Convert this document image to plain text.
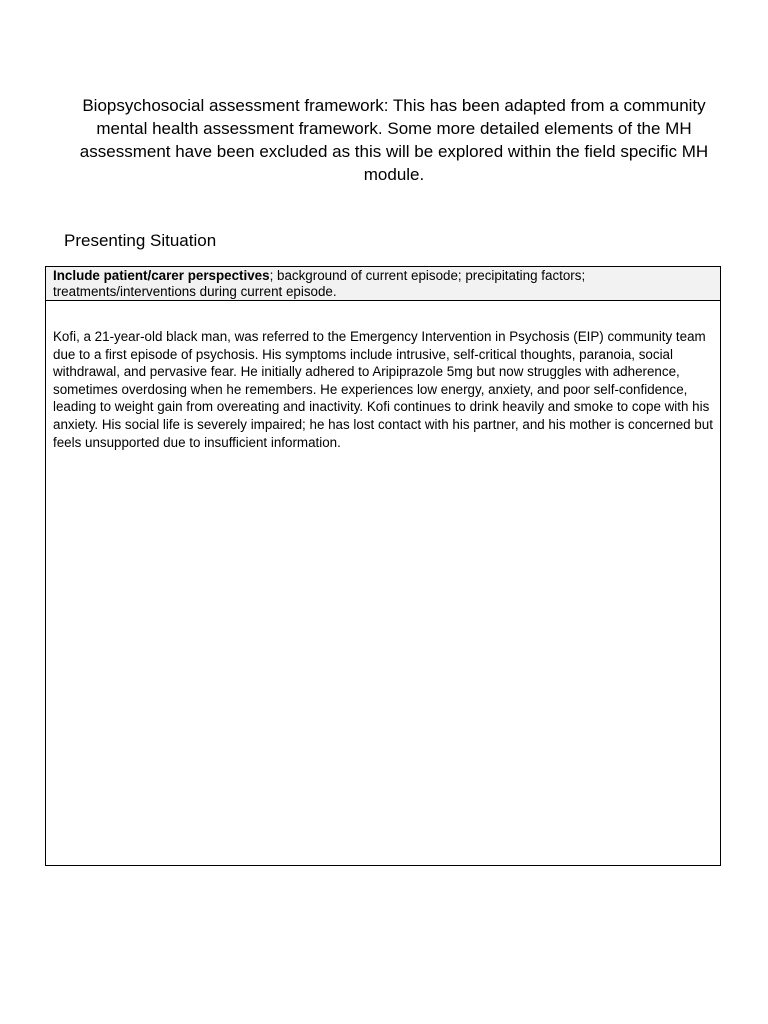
Biopsychosocial assessment framework: This has been adapted from a community mental health assessment framework. Some more detailed elements of the MH assessment have been excluded as this will be explored within the field specific MH module.
Presenting Situation
Include patient/carer perspectives; background of current episode; precipitating factors; treatments/interventions during current episode.
Kofi, a 21-year-old black man, was referred to the Emergency Intervention in Psychosis (EIP) community team due to a first episode of psychosis. His symptoms include intrusive, self-critical thoughts, paranoia, social withdrawal, and pervasive fear. He initially adhered to Aripiprazole 5mg but now struggles with adherence, sometimes overdosing when he remembers. He experiences low energy, anxiety, and poor self-confidence, leading to weight gain from overeating and inactivity. Kofi continues to drink heavily and smoke to cope with his anxiety. His social life is severely impaired; he has lost contact with his partner, and his mother is concerned but feels unsupported due to insufficient information.
